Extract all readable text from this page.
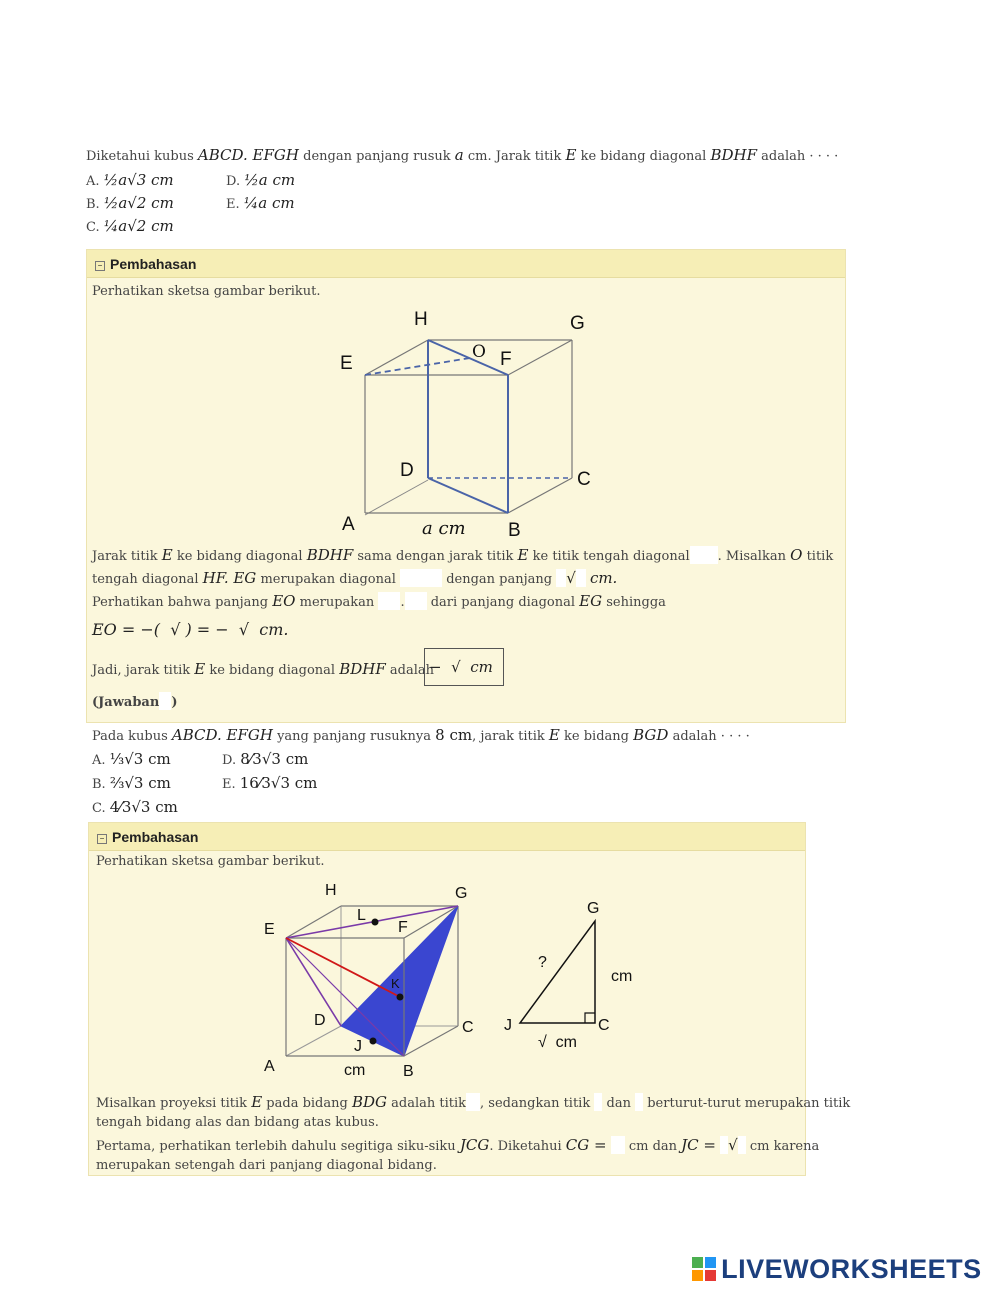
Diketahui kubus ABCD. EFGH dengan panjang rusuk a cm. Jarak titik E ke bidang diagonal BDHF adalah · · · ·
A. ½a√3 cm
B. ½a√2 cm
C. ¼a√2 cm
D. ½a cm
E. ¼a cm
− Pembahasan
Perhatikan sketsa gambar berikut.
H	G
E
O F
D	C
A	B
a cm
Jarak titik E ke bidang diagonal BDHF sama dengan jarak titik E ke titik tengah diagonal . Misalkan O titik
tengah diagonal HF. EG merupakan diagonal	dengan panjang √ cm.
Perhatikan bahwa panjang EO merupakan . dari panjang diagonal EG sehingga
EO = −(  √ ) = −  √  cm.
Jadi, jarak titik E ke bidang diagonal BDHF adalah
−  √  cm
(Jawaban )
Pada kubus ABCD. EFGH yang panjang rusuknya 8 cm, jarak titik E ke bidang BGD adalah · · · ·
A. ⅓√3 cm
B. ⅔√3 cm
C. 4⁄3√3 cm
D. 8⁄3√3 cm
E. 16⁄3√3 cm
− Pembahasan
Perhatikan sketsa gambar berikut.
H	G
E
L
F
K
D	C
J
A	B
cm
G
?
cm
J	C
√  cm
Misalkan proyeksi titik E pada bidang BDG adalah titik , sedangkan titik dan berturut-turut merupakan titik
tengah bidang alas dan bidang atas kubus.
Pertama, perhatikan terlebih dahulu segitiga siku-siku JCG. Diketahui CG = cm dan JC = √ cm karena
merupakan setengah dari panjang diagonal bidang.
LIVEWORKSHEETS
